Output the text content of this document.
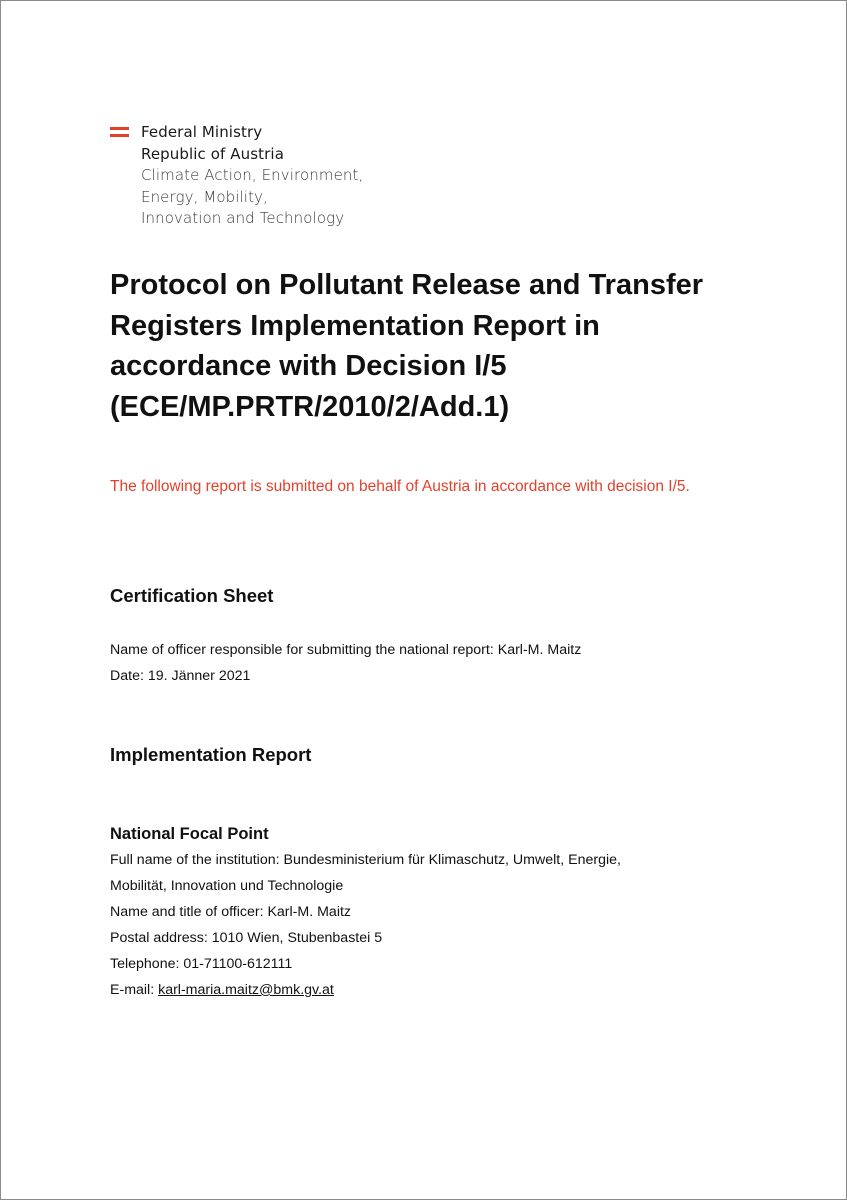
Federal Ministry
Republic of Austria
Climate Action, Environment,
Energy, Mobility,
Innovation and Technology
Protocol on Pollutant Release and Transfer
Registers Implementation Report in
accordance with Decision I/5
(ECE/MP.PRTR/2010/2/Add.1)

The following report is submitted on behalf of Austria in accordance with decision I/5.

Certification Sheet
Name of officer responsible for submitting the national report: Karl-M. Maitz
Date: 19. Jänner 2021
Implementation Report
National Focal Point
Full name of the institution: Bundesministerium für Klimaschutz, Umwelt, Energie,
Mobilität, Innovation und Technologie
Name and title of officer: Karl-M. Maitz
Postal address: 1010 Wien, Stubenbastei 5
Telephone: 01-71100-612111
E-mail: karl-maria.maitz@bmk.gv.at
